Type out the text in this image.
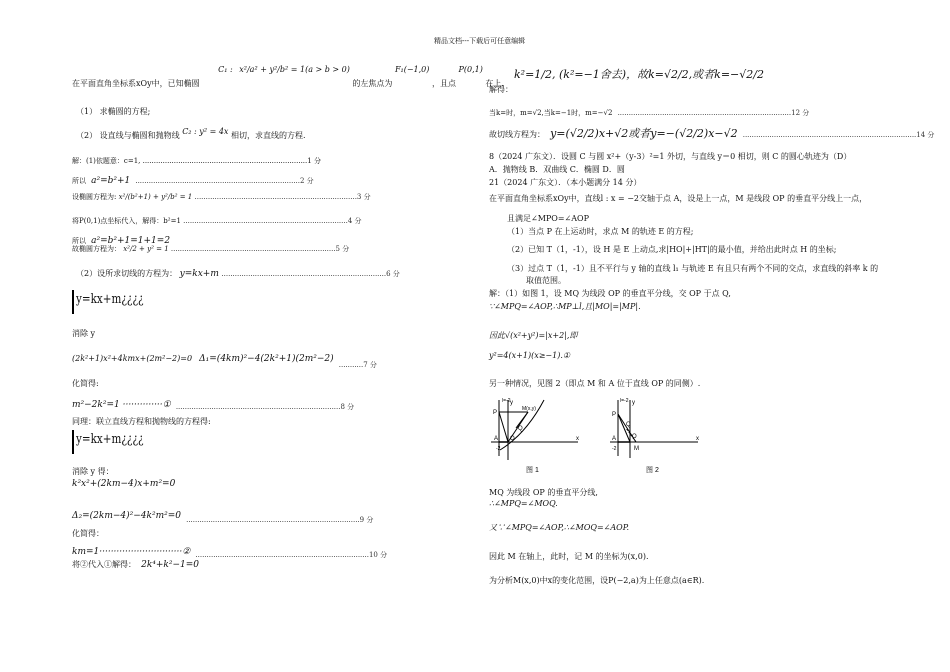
精品文档---下载后可任意编辑
在平面直角坐标系xOy中，已知椭圆 C₁ : x²/a² + y²/b² = 1(a > b > 0) 的左焦点为 F₁(−1,0) ，且点 P(0,1) 在上.
（1） 求椭圆的方程;
（2） 设直线与椭圆和抛物线 C₂ : y² = 4x 相切，求直线的方程.
解：(1)依题意：c=1, ..........................................................................1 分
所以 a²=b²+1 ..........................................................................2 分
设椭圆方程为: x²/(b²+1) + y²/b² = 1 .........................................................................3 分
将P(0,1)点坐标代入，解得：b²=1 ..........................................................................4 分
所以 a²=b²+1=1+1=2
故椭圆方程为： x²/2 + y² = 1 ..........................................................................5 分
（2）设所求切线的方程为： y=kx+m ..........................................................................6 分
y=kx+m¿¿¿¿
消除 y
(2k²+1)x²+4kmx+(2m²−2)=0 Δ₁=(4km)²−4(2k²+1)(2m²−2) $_{...........7 分}$
化简得:
m²−2k²=1 ··············① ..........................................................................8 分
同理：联立直线方程和抛物线的方程得:
y=kx+m¿¿¿¿
消除 y 得：
k²x²+(2km−4)x+m²=0
Δ₂=(2km−4)²−4k²m²=0 $_{..............................................................................9 分}$
化简得：
km=1·····························② ..............................................................................10 分
将②代入①解得： 2k⁴+k²−1=0
k²=1/2, (k²=−1舍去)，故k=√2/2,或者k=−√2/2
解得：
当k=时，m=√2,当k=−1时，m=−√2 ..............................................................................12 分
故切线方程为： y=(√2/2)x+√2或者y=−(√2/2)x−√2 ..............................................................................14 分
8（2024 广东文）．设圆 C 与圆 x²+（y-3）²=1 外切，与直线 y＝0 相切，则 C 的圆心轨迹为（D）
A．抛物线 B．双曲线 C．椭圆 D．圆
21（2024 广东文）．（本小题满分 14 分）
在平面直角坐标系xOy中，直线l : x = −2交轴于点 A，设是上一点，M 是线段 OP 的垂直平分线上一点，
且满足∠MPO=∠AOP
（1）当点 P 在上运动时，求点 M 的轨迹 E 的方程;
（2）已知 T（1，-1），设 H 是 E 上动点,求|HO|+|HT|的最小值，并给出此时点 H 的坐标;
（3）过点 T（1，-1）且不平行与 y 轴的直线 l₁ 与轨迹 E 有且只有两个不同的交点，求直线的斜率 k 的
取值范围。
解：（1）如图 1，设 MQ 为线段 OP 的垂直平分线，交 OP 于点 Q,
∵∠MPQ=∠AOP,∴MP⊥l,且|MO|=|MP|.
因此√(x²+y²)=|x+2|,即
y²=4(x+1)(x≥−1).①
另一种情况，见图 2（即点 M 和 A 位于直线 OP 的同侧）.
l=-2
P
M(x,y)
Q
A O	x
y
-2
图 1
l=-2
P
Q
O
A
M
x
y
-2
图 2
MQ 为线段 OP 的垂直平分线,
∴∠MPQ=∠MOQ.
又∵∠MPQ=∠AOP,∴∠MOQ=∠AOP.
因此 M 在轴上，此时，记 M 的坐标为(x,0).
为分析M(x,0)中x的变化范围，设P(−2,a)为上任意点(a∈R).
